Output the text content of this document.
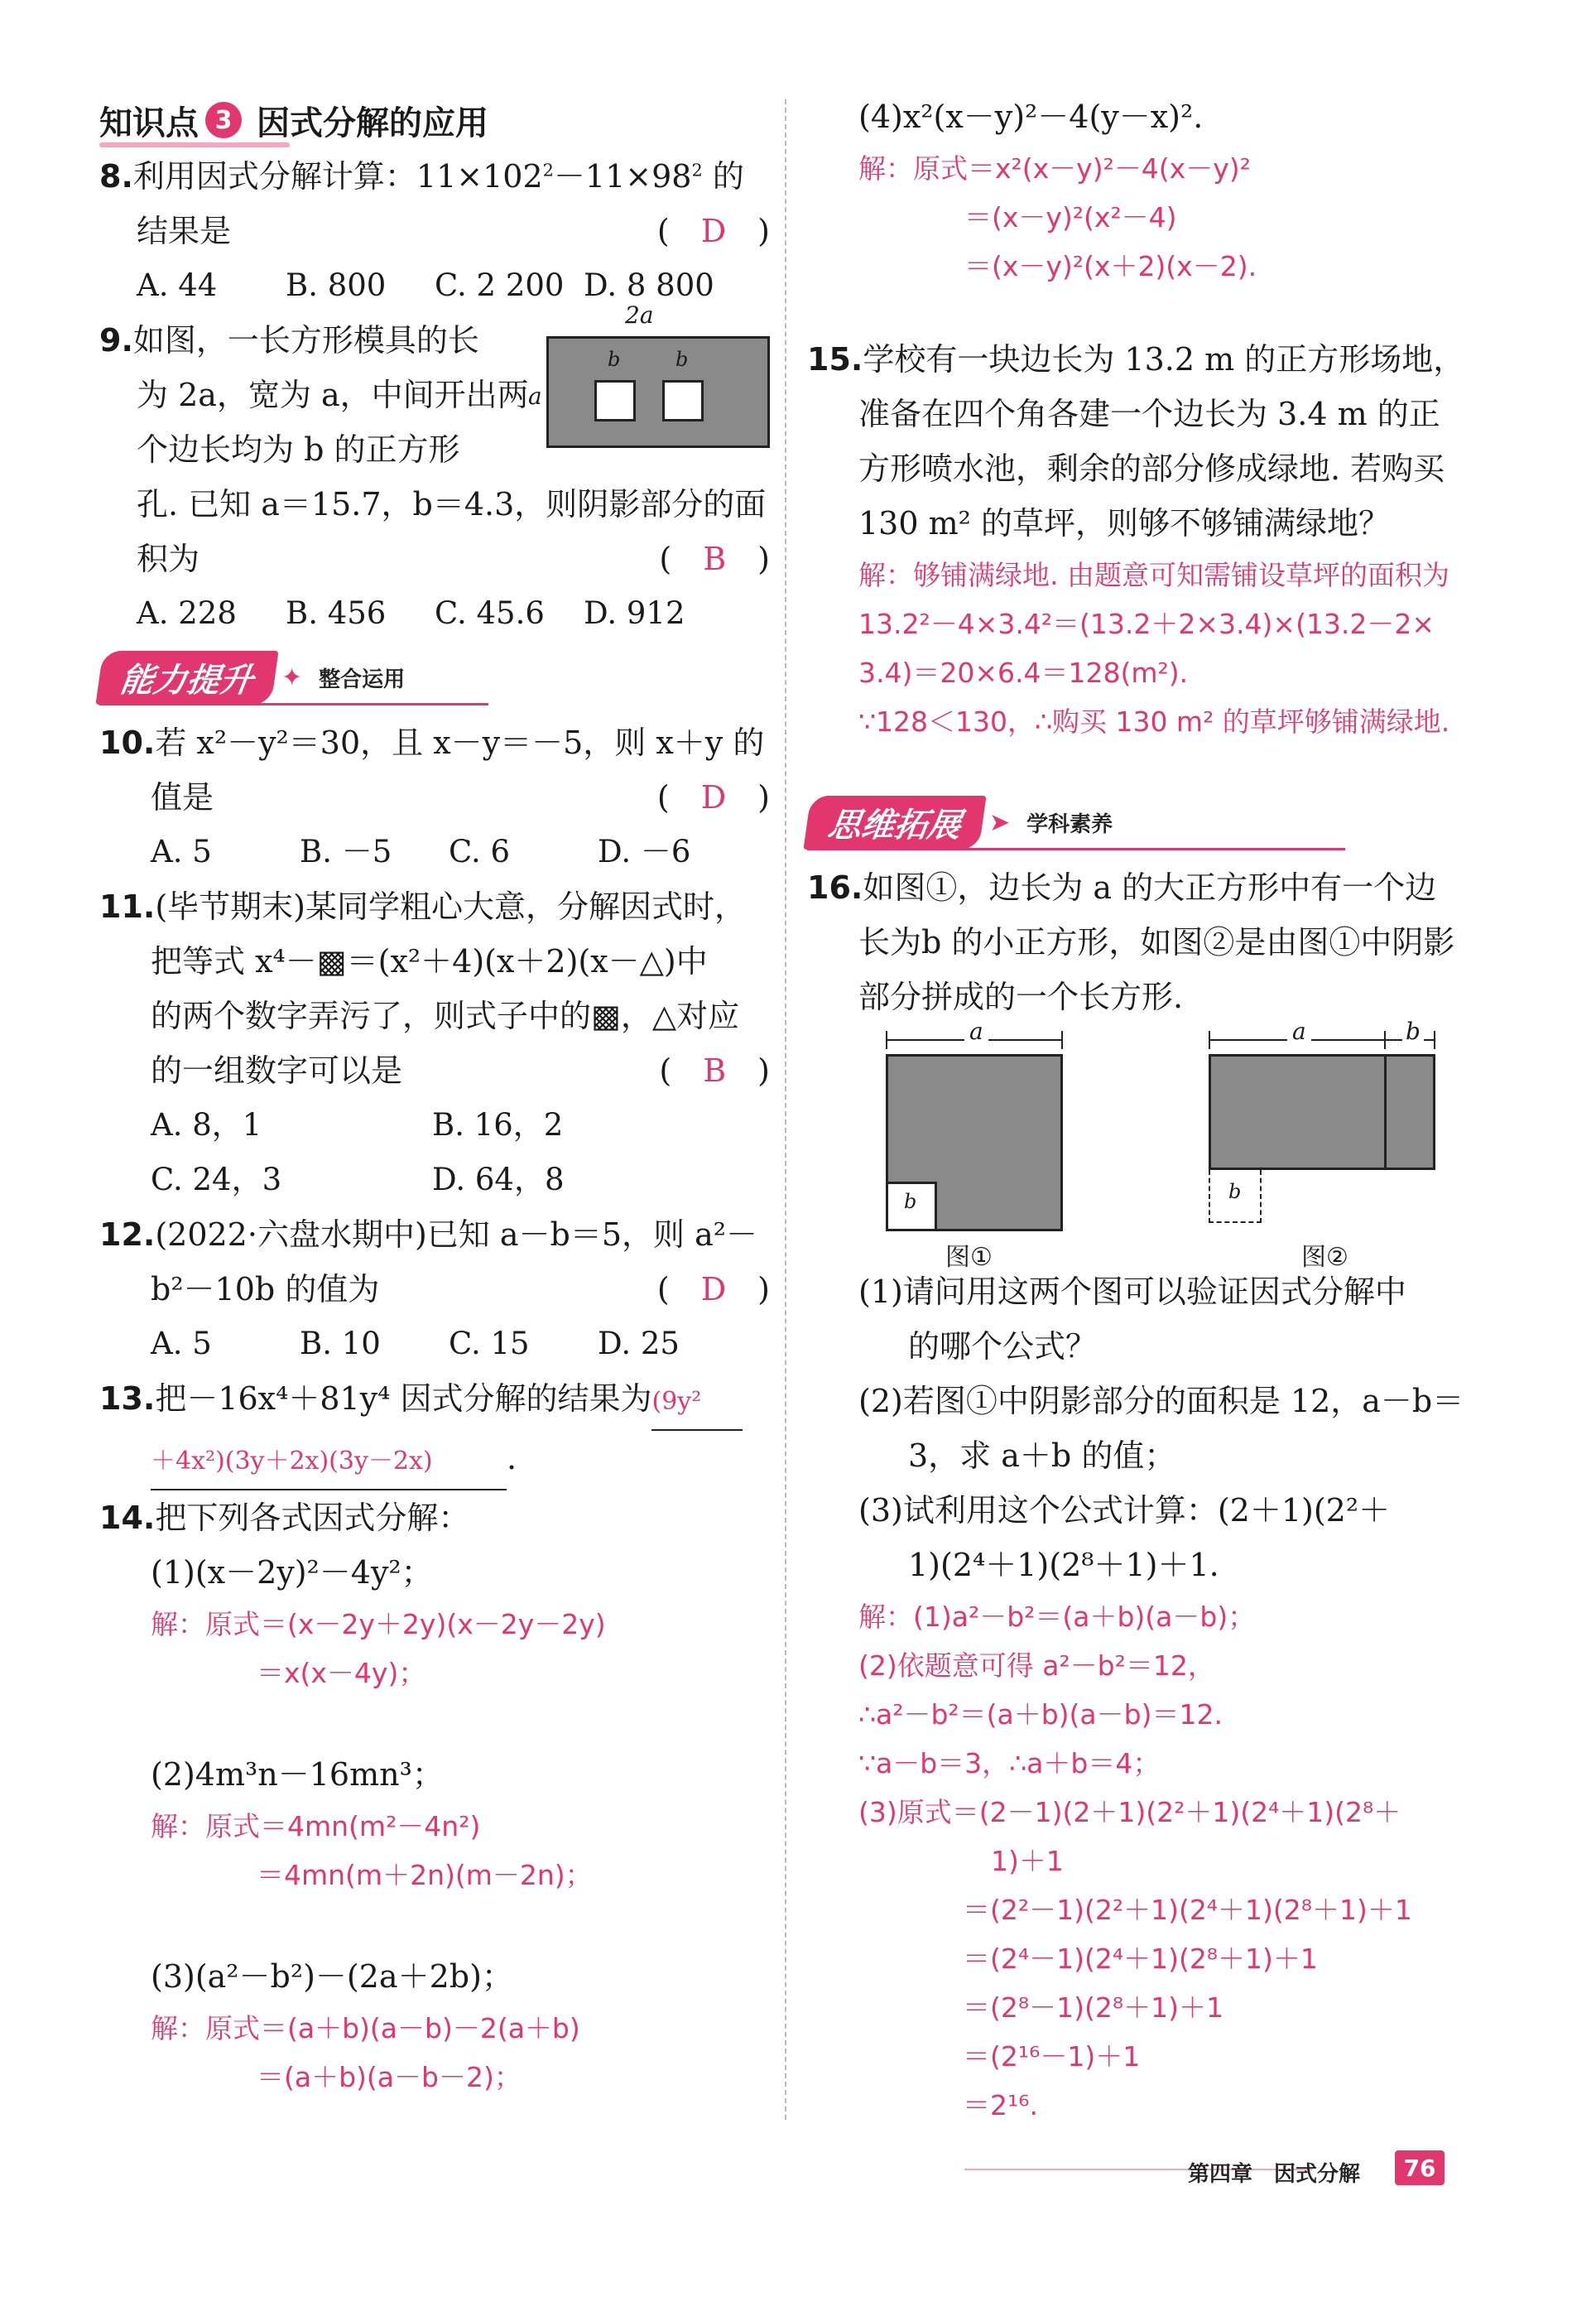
知识点 3 因式分解的应用
8.利用因式分解计算：$11\times 102^2-11\times 98^2$ 的
结果是	(　D　)
A. 44	B. 800	C. 2 200 D. 8 800
9.如图，一长方形模具的长
为 2a，宽为 a，中间开出两
个边长均为 b 的正方形
孔. 已知 a＝15.7，b＝4.3，则阴影部分的面
积为	(　B　)
A. 228	B. 456	C. 45.6	D. 912
2a
a
b	b
能力提升	✦ 整合运用
10.若 x²－y²＝30，且 x－y＝－5，则 x＋y 的
值是	(　D　)
A. 5	B. －5	C. 6	D. －6
11.(毕节期末)某同学粗心大意，分解因式时，
把等式 x⁴－▩＝(x²＋4)(x＋2)(x－△)中
的两个数字弄污了，则式子中的▩，△对应
的一组数字可以是	(　B　)
A. 8，1	B. 16，2
C. 24，3	D. 64，8
12.(2022·六盘水期中)已知 a－b＝5，则 a²－
b²－10b 的值为	(　D　)
A. 5	B. 10	C. 15	D. 25
13.把－16x⁴＋81y⁴ 因式分解的结果为(9y²
＋4x²)(3y＋2x)(3y－2x) .
14.把下列各式因式分解：
(1)(x－2y)²－4y²；
解：原式＝(x－2y＋2y)(x－2y－2y)
＝x(x－4y)；
(2)4m³n－16mn³；
解：原式＝4mn(m²－4n²)
＝4mn(m＋2n)(m－2n)；
(3)(a²－b²)－(2a＋2b)；
解：原式＝(a＋b)(a－b)－2(a＋b)
＝(a＋b)(a－b－2)；
(4)x²(x－y)²－4(y－x)².
解：原式＝x²(x－y)²－4(x－y)²
＝(x－y)²(x²－4)
＝(x－y)²(x＋2)(x－2).
15.学校有一块边长为 13.2 m 的正方形场地，
准备在四个角各建一个边长为 3.4 m 的正
方形喷水池，剩余的部分修成绿地. 若购买
130 m² 的草坪，则够不够铺满绿地？
解：够铺满绿地. 由题意可知需铺设草坪的面积为
13.2²－4×3.4²＝(13.2＋2×3.4)×(13.2－2×
3.4)＝20×6.4＝128(m²).
∵128＜130，∴购买 130 m² 的草坪够铺满绿地.
思维拓展	➤ 学科素养
16.如图①，边长为 a 的大正方形中有一个边
长为b 的小正方形，如图②是由图①中阴影
部分拼成的一个长方形.
a
b
图①
a	b
b
图②
(1)请问用这两个图可以验证因式分解中
的哪个公式？
(2)若图①中阴影部分的面积是 12，a－b＝
3，求 a＋b 的值；
(3)试利用这个公式计算：(2＋1)(2²＋
1)(2⁴＋1)(2⁸＋1)＋1.
解：(1)a²－b²＝(a＋b)(a－b)；
(2)依题意可得 a²－b²＝12，
∴a²－b²＝(a＋b)(a－b)＝12.
∵a－b＝3，∴a＋b＝4；
(3)原式＝(2－1)(2＋1)(2²＋1)(2⁴＋1)(2⁸＋
1)＋1
＝(2²－1)(2²＋1)(2⁴＋1)(2⁸＋1)＋1
＝(2⁴－1)(2⁴＋1)(2⁸＋1)＋1
＝(2⁸－1)(2⁸＋1)＋1
＝(2¹⁶－1)＋1
＝2¹⁶.
第四章　因式分解	76
